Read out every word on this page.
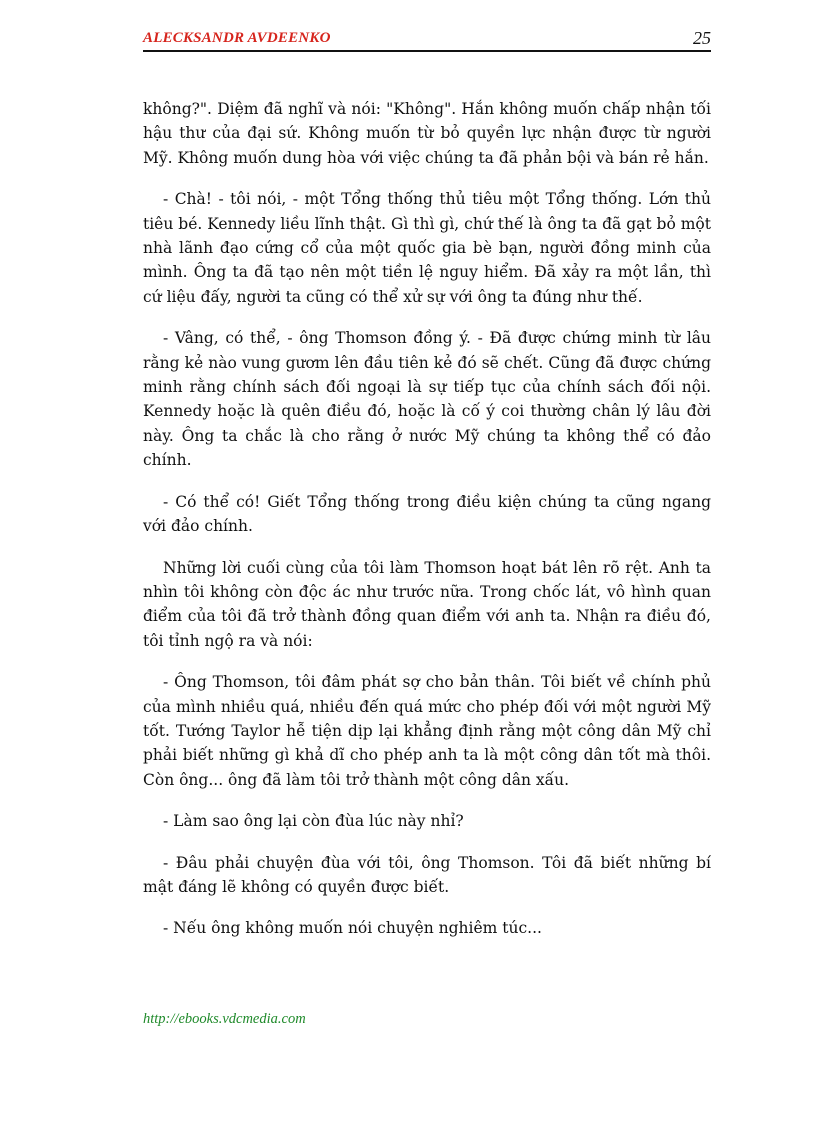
ALECKSANDR AVDEENKO	25

không?". Diệm đã nghĩ và nói: "Không". Hắn không muốn chấp nhận tối hậu thư của đại sứ. Không muốn từ bỏ quyền lực nhận được từ người Mỹ. Không muốn dung hòa với việc chúng ta đã phản bội và bán rẻ hắn.

- Chà! - tôi nói, - một Tổng thống thủ tiêu một Tổng thống. Lớn thủ tiêu bé. Kennedy liều lĩnh thật. Gì thì gì, chứ thế là ông ta đã gạt bỏ một nhà lãnh đạo cứng cổ của một quốc gia bè bạn, người đồng minh của mình. Ông ta đã tạo nên một tiền lệ nguy hiểm. Đã xảy ra một lần, thì cứ liệu đấy, người ta cũng có thể xử sự với ông ta đúng như thế.

- Vâng, có thể, - ông Thomson đồng ý. - Đã được chứng minh từ lâu rằng kẻ nào vung gươm lên đầu tiên kẻ đó sẽ chết. Cũng đã được chứng minh rằng chính sách đối ngoại là sự tiếp tục của chính sách đối nội. Kennedy hoặc là quên điều đó, hoặc là cố ý coi thường chân lý lâu đời này. Ông ta chắc là cho rằng ở nước Mỹ chúng ta không thể có đảo chính.

- Có thể có! Giết Tổng thống trong điều kiện chúng ta cũng ngang với đảo chính.

Những lời cuối cùng của tôi làm Thomson hoạt bát lên rõ rệt. Anh ta nhìn tôi không còn độc ác như trước nữa. Trong chốc lát, vô hình quan điểm của tôi đã trở thành đồng quan điểm với anh ta. Nhận ra điều đó, tôi tỉnh ngộ ra và nói:

- Ông Thomson, tôi đâm phát sợ cho bản thân. Tôi biết về chính phủ của mình nhiều quá, nhiều đến quá mức cho phép đối với một người Mỹ tốt. Tướng Taylor hễ tiện dịp lại khẳng định rằng một công dân Mỹ chỉ phải biết những gì khả dĩ cho phép anh ta là một công dân tốt mà thôi. Còn ông... ông đã làm tôi trở thành một công dân xấu.

- Làm sao ông lại còn đùa lúc này nhỉ?

- Đâu phải chuyện đùa với tôi, ông Thomson. Tôi đã biết những bí mật đáng lẽ không có quyền được biết.

- Nếu ông không muốn nói chuyện nghiêm túc...

http://ebooks.vdcmedia.com
